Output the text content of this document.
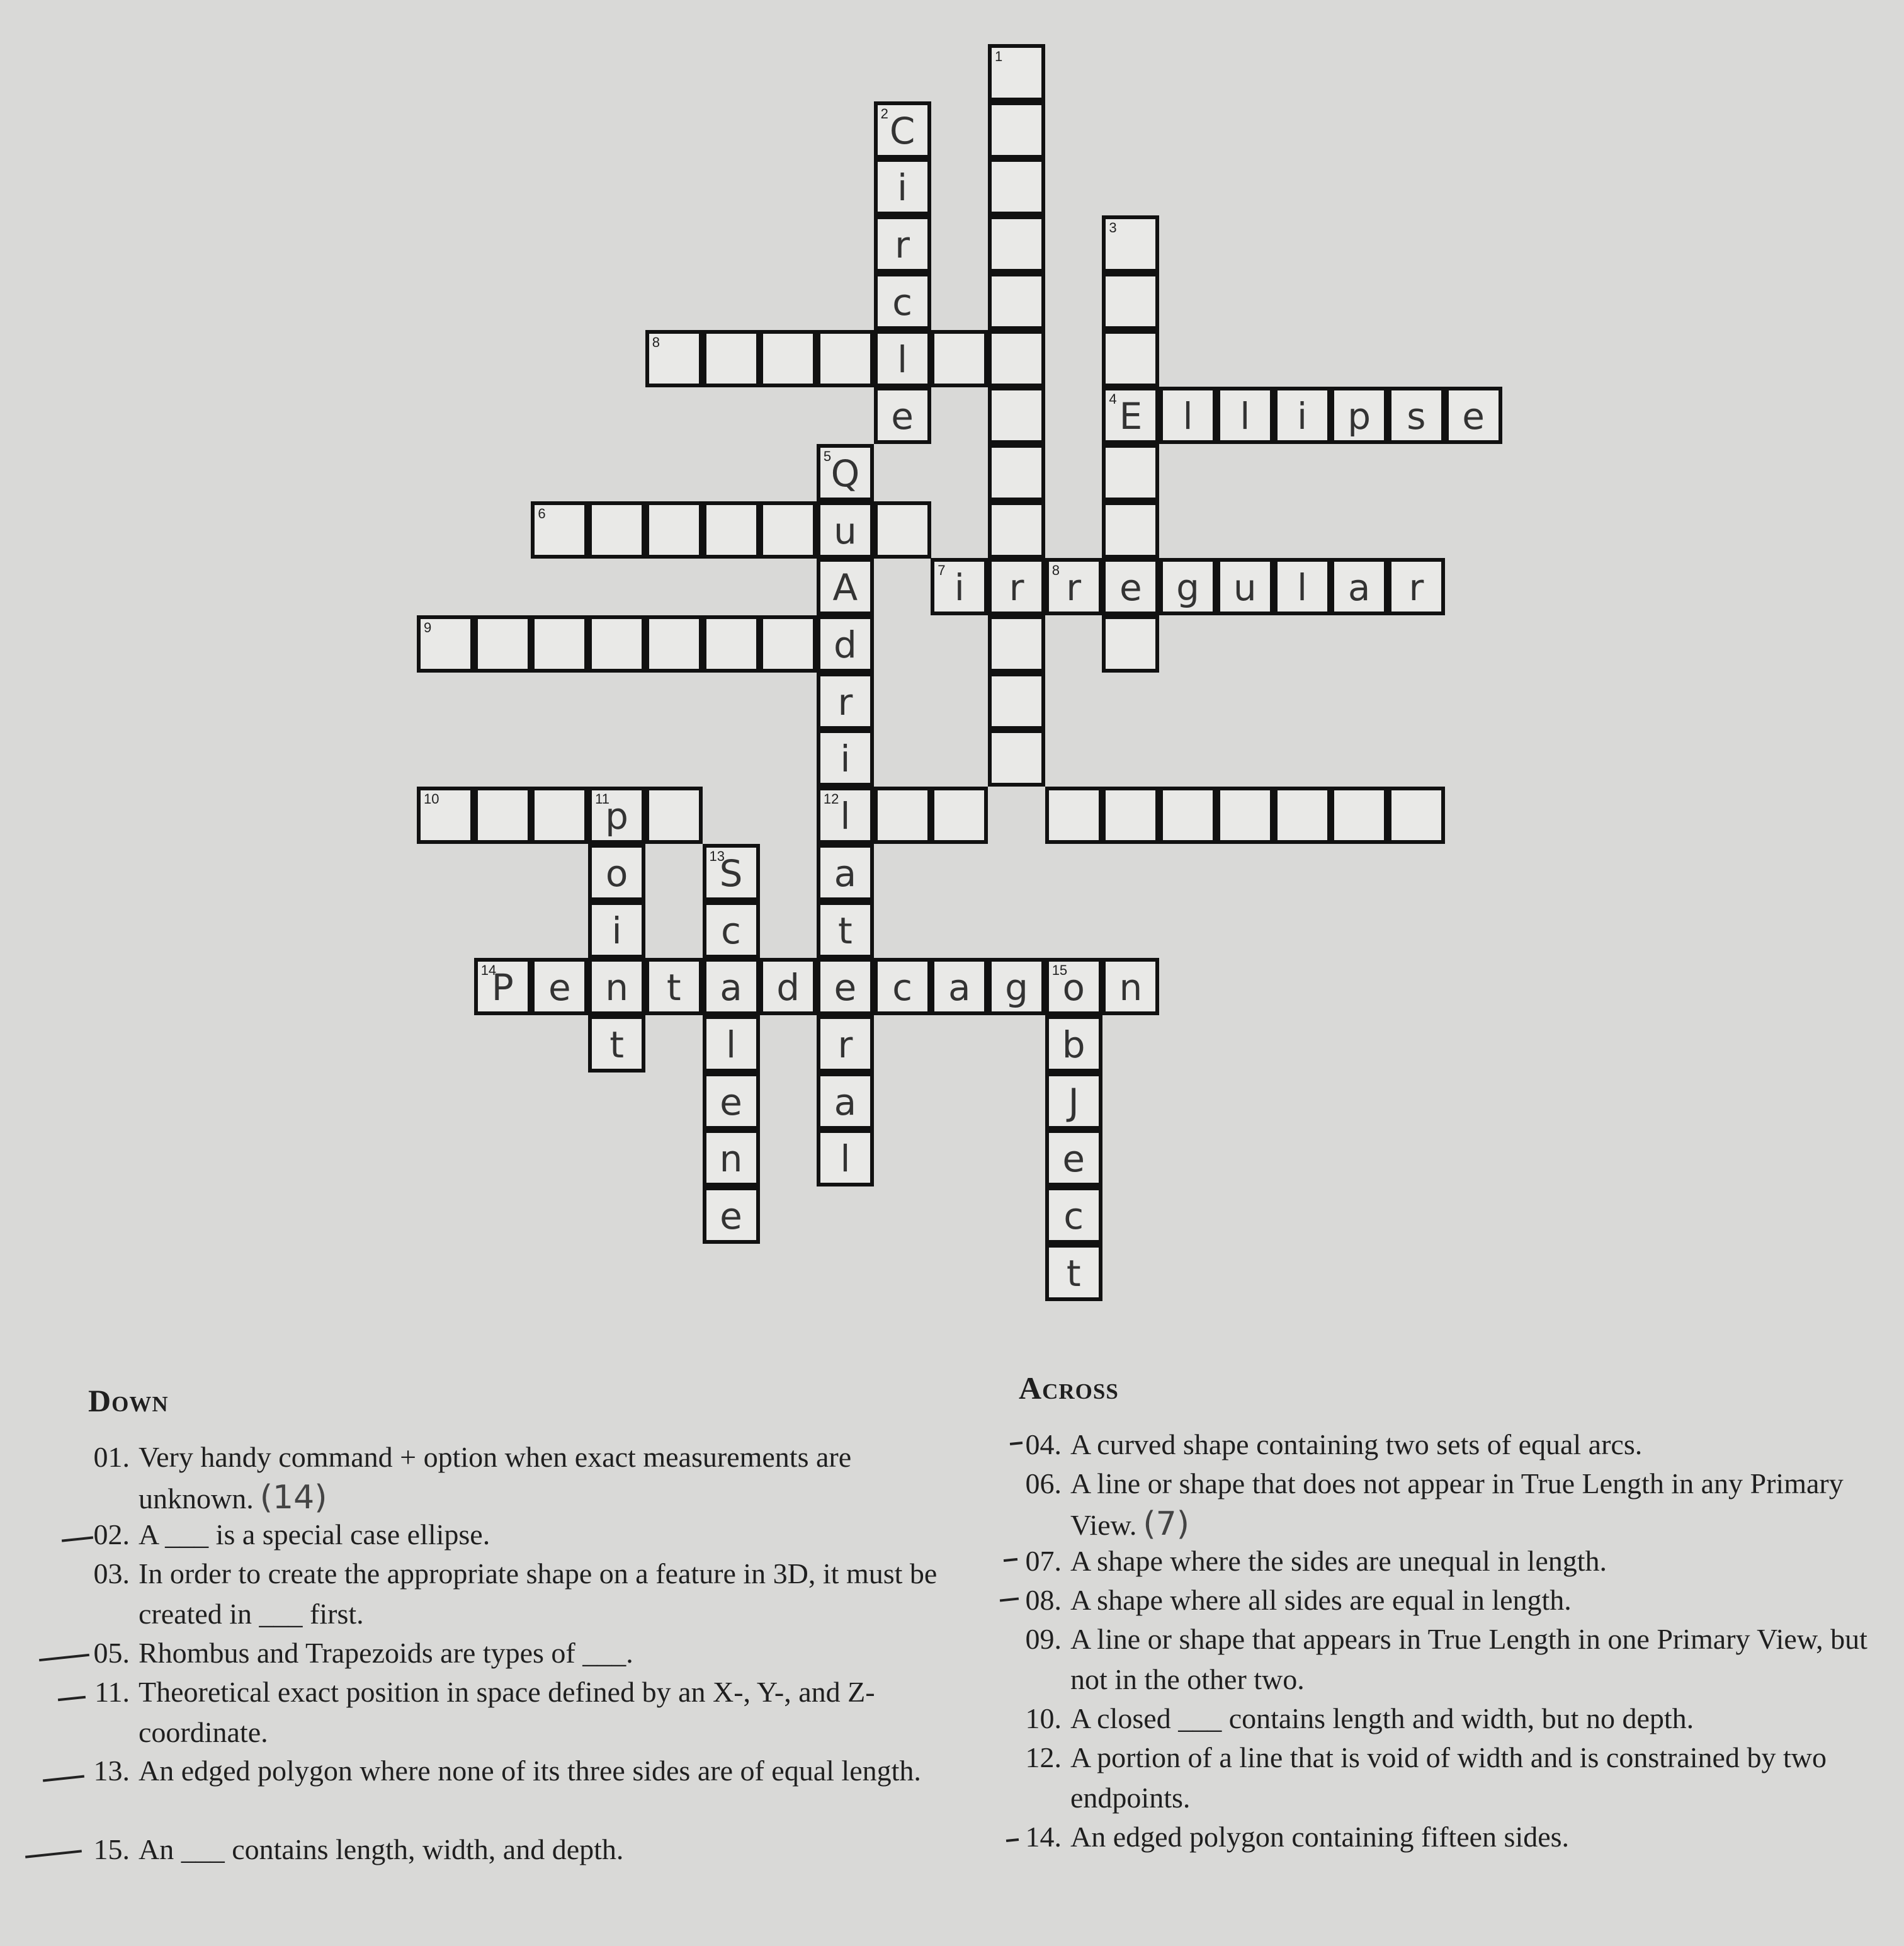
1
2 C
i
r
c
l
e
3
8
4 E	l	l	i	p s e
5 Q
u
A
d
r
i
a
t
r
a
l
6
7 i	r	8 r	e g u	l	a	r
9
10	11
p
o
i
t
12 l
13
S
c
l
e
n
e
14
P e n	t	a d e c a g	15
o n
b
J
e
c
t
Down	Across
01. Very handy command + option when exact measurements are unknown. (14)
02. A ___ is a special case ellipse.
03. In order to create the appropriate shape on a feature in 3D, it must be created in ___ first.
05. Rhombus and Trapezoids are types of ___.
11. Theoretical exact position in space defined by an X-, Y-, and Z- coordinate.
13. An edged polygon where none of its three sides are of equal length.
15. An ___ contains length, width, and depth.
04. A curved shape containing two sets of equal arcs.
06. A line or shape that does not appear in True Length in any Primary View. (7)
07. A shape where the sides are unequal in length.
08. A shape where all sides are equal in length.
09. A line or shape that appears in True Length in one Primary View, but not in the other two.
10. A closed ___ contains length and width, but no depth.
12. A portion of a line that is void of width and is constrained by two endpoints.
14. An edged polygon containing fifteen sides.
